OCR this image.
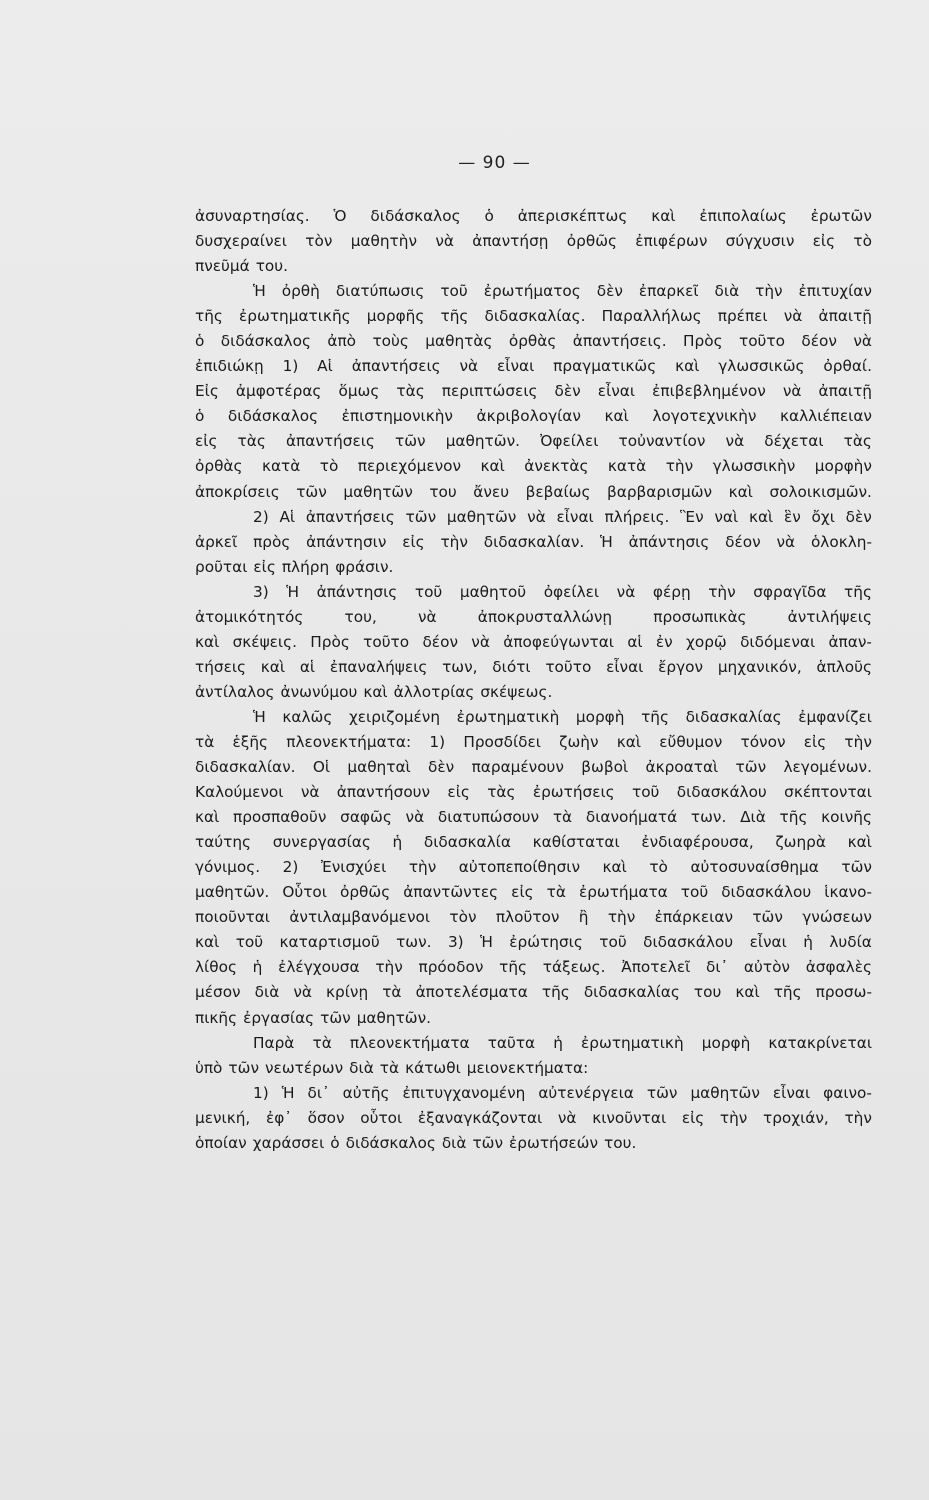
— 90 —
ἀσυναρτησίας. Ὁ διδάσκαλος ὁ ἀπερισκέπτως καὶ ἐπιπολαίως ἐρωτῶν
δυσχεραίνει τὸν μαθητὴν νὰ ἀπαντήσῃ ὀρθῶς ἐπιφέρων σύγχυσιν εἰς τὸ
πνεῦμά του.
Ἡ ὀρθὴ διατύπωσις τοῦ ἐρωτήματος δὲν ἐπαρκεῖ διὰ τὴν ἐπιτυχίαν
τῆς ἐρωτηματικῆς μορφῆς τῆς διδασκαλίας. Παραλλήλως πρέπει νὰ ἀπαιτῇ
ὁ διδάσκαλος ἀπὸ τοὺς μαθητὰς ὀρθὰς ἀπαντήσεις. Πρὸς τοῦτο δέον νὰ
ἐπιδιώκῃ 1) Αἱ ἀπαντήσεις νὰ εἶναι πραγματικῶς καὶ γλωσσικῶς ὀρθαί.
Εἰς ἀμφοτέρας ὅμως τὰς περιπτώσεις δὲν εἶναι ἐπιβεβλημένον νὰ ἀπαιτῇ
ὁ διδάσκαλος ἐπιστημονικὴν ἀκριβολογίαν καὶ λογοτεχνικὴν καλλιέπειαν
εἰς τὰς ἀπαντήσεις τῶν μαθητῶν. Ὀφείλει τοὐναντίον νὰ δέχεται τὰς
ὀρθὰς κατὰ τὸ περιεχόμενον καὶ ἀνεκτὰς κατὰ τὴν γλωσσικὴν μορφὴν
ἀποκρίσεις τῶν μαθητῶν του ἄνευ βεβαίως βαρβαρισμῶν καὶ σολοικισμῶν.
2) Αἱ ἀπαντήσεις τῶν μαθητῶν νὰ εἶναι πλήρεις. Ἓν ναὶ καὶ ἓν ὄχι δὲν
ἀρκεῖ πρὸς ἀπάντησιν εἰς τὴν διδασκαλίαν. Ἡ ἀπάντησις δέον νὰ ὁλοκλη-
ροῦται εἰς πλήρη φράσιν.
3) Ἡ ἀπάντησις τοῦ μαθητοῦ ὀφείλει νὰ φέρῃ τὴν σφραγῖδα τῆς
ἀτομικότητός	του,	νὰ	ἀποκρυσταλλώνῃ	προσωπικὰς	ἀντιλήψεις
καὶ σκέψεις. Πρὸς τοῦτο δέον νὰ ἀποφεύγωνται αἱ ἐν χορῷ διδόμεναι ἀπαν-
τήσεις καὶ αἱ ἐπαναλήψεις των, διότι τοῦτο εἶναι ἔργον μηχανικόν, ἁπλοῦς
ἀντίλαλος ἀνωνύμου καὶ ἀλλοτρίας σκέψεως.
Ἡ καλῶς χειριζομένη ἐρωτηματικὴ μορφὴ τῆς διδασκαλίας ἐμφανίζει
τὰ ἑξῆς πλεονεκτήματα: 1) Προσδίδει ζωὴν καὶ εὔθυμον τόνον εἰς τὴν
διδασκαλίαν. Οἱ μαθηταὶ δὲν παραμένουν βωβοὶ ἀκροαταὶ τῶν λεγομένων.
Καλούμενοι νὰ ἀπαντήσουν εἰς τὰς ἐρωτήσεις τοῦ διδασκάλου σκέπτονται
καὶ προσπαθοῦν σαφῶς νὰ διατυπώσουν τὰ διανοήματά των. Διὰ τῆς κοινῆς
ταύτης συνεργασίας ἡ διδασκαλία καθίσταται ἐνδιαφέρουσα, ζωηρὰ καὶ
γόνιμος. 2) Ἐνισχύει τὴν αὐτοπεποίθησιν καὶ τὸ αὐτοσυναίσθημα τῶν
μαθητῶν. Οὗτοι ὀρθῶς ἀπαντῶντες εἰς τὰ ἐρωτήματα τοῦ διδασκάλου ἱκανο-
ποιοῦνται ἀντιλαμβανόμενοι τὸν πλοῦτον ἢ τὴν ἐπάρκειαν τῶν γνώσεων
καὶ τοῦ καταρτισμοῦ των. 3) Ἡ ἐρώτησις τοῦ διδασκάλου εἶναι ἡ λυδία
λίθος ἡ ἐλέγχουσα τὴν πρόοδον τῆς τάξεως. Ἀποτελεῖ δι᾿ αὐτὸν ἀσφαλὲς
μέσον διὰ νὰ κρίνῃ τὰ ἀποτελέσματα τῆς διδασκαλίας του καὶ τῆς προσω-
πικῆς ἐργασίας τῶν μαθητῶν.
Παρὰ τὰ πλεονεκτήματα ταῦτα ἡ ἐρωτηματικὴ μορφὴ κατακρίνεται
ὑπὸ τῶν νεωτέρων διὰ τὰ κάτωθι μειονεκτήματα:
1) Ἡ δι᾿ αὐτῆς ἐπιτυγχανομένη αὐτενέργεια τῶν μαθητῶν εἶναι φαινο-
μενική, ἐφ᾿ ὅσον οὗτοι ἐξαναγκάζονται νὰ κινοῦνται εἰς τὴν τροχιάν, τὴν
ὁποίαν χαράσσει ὁ διδάσκαλος διὰ τῶν ἐρωτήσεών του.
